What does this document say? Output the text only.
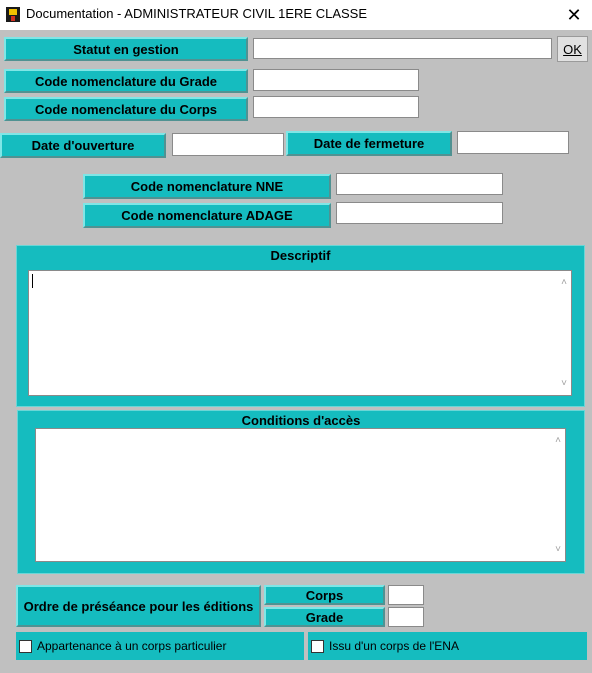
Documentation - ADMINISTRATEUR CIVIL 1ERE CLASSE	✕
Statut en gestion	OK
Code nomenclature du Grade
Code nomenclature du Corps
Date d'ouverture	Date de fermeture
Code nomenclature NNE
Code nomenclature ADAGE
Descriptif
˄
˅
Conditions d'accès
˄
˅
Ordre de préséance pour les éditions
Corps
Grade
Appartenance à un corps particulier	Issu d'un corps de l'ENA
